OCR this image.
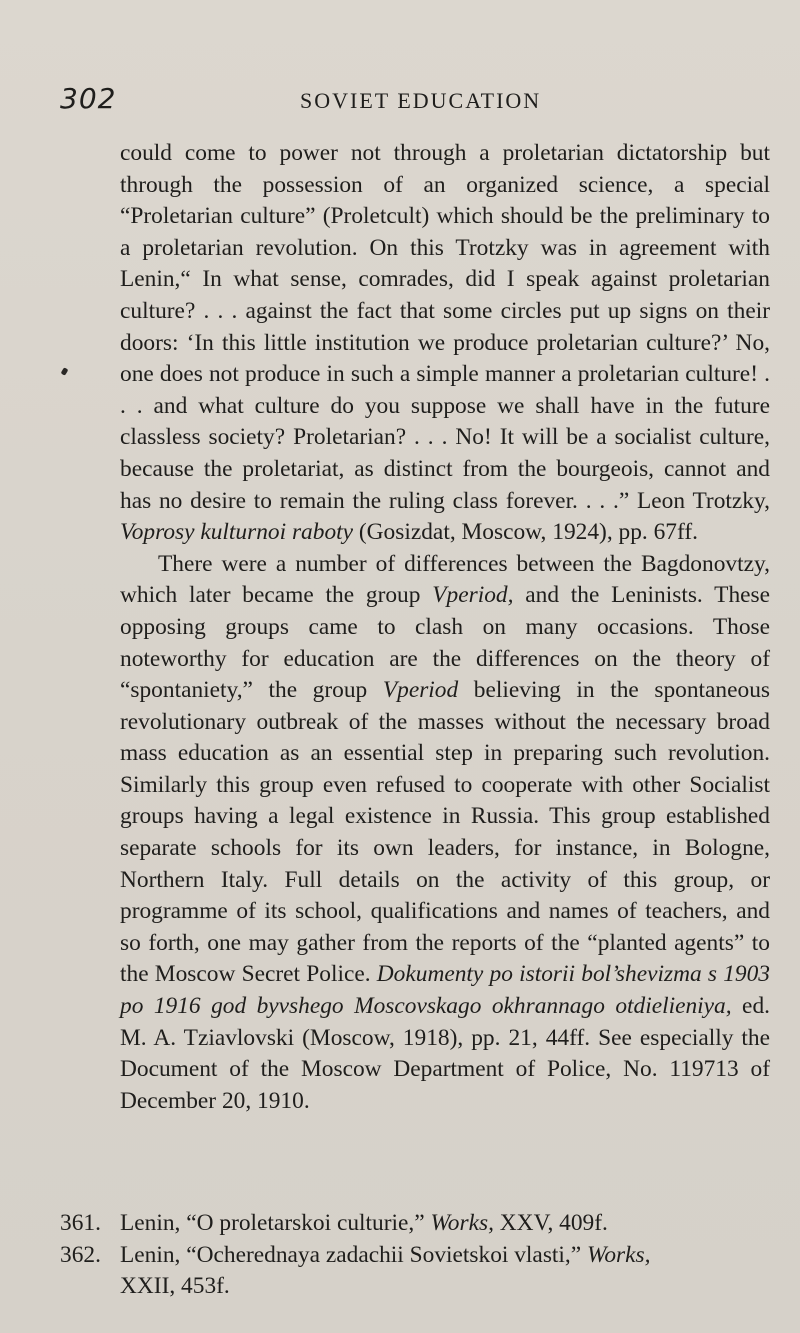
302	SOVIET EDUCATION

could come to power not through a proletarian dictatorship but through the possession of an organized science, a special “Proletarian culture” (Proletcult) which should be the preliminary to a proletarian revolution. On this Trotzky was in agreement with Lenin,“ In what sense, comrades, did I speak against proletarian culture? . . . against the fact that some circles put up signs on their doors: ‘In this little institution we produce proletarian culture?’ No, one does not produce in such a simple manner a proletarian culture! . . . and what culture do you suppose we shall have in the future classless society? Proletarian? . . . No! It will be a socialist culture, because the proletariat, as distinct from the bourgeois, cannot and has no desire to remain the ruling class forever. . . .” Leon Trotzky, Voprosy kulturnoi raboty (Gosizdat, Moscow, 1924), pp. 67ff.

There were a number of differences between the Bagdonovtzy, which later became the group Vperiod, and the Leninists. These opposing groups came to clash on many occasions. Those noteworthy for education are the differences on the theory of “spontaniety,” the group Vperiod believing in the spontaneous revolutionary outbreak of the masses without the necessary broad mass education as an essential step in preparing such revolution. Similarly this group even refused to cooperate with other Socialist groups having a legal existence in Russia. This group established separate schools for its own leaders, for instance, in Bologne, Northern Italy. Full details on the activity of this group, or programme of its school, qualifications and names of teachers, and so forth, one may gather from the reports of the “planted agents” to the Moscow Secret Police. Dokumenty po istorii bol’shevizma s 1903 po 1916 god byvshego Moscovskago okhrannago otdielieniya, ed. M. A. Tziavlovski (Moscow, 1918), pp. 21, 44ff. See especially the Document of the Moscow Department of Police, No. 119713 of December 20, 1910.

361. Lenin, “O proletarskoi culturie,” Works, XXV, 409f.
362. Lenin, “Ocherednaya zadachii Sovietskoi vlasti,” Works,
XXII, 453f.
